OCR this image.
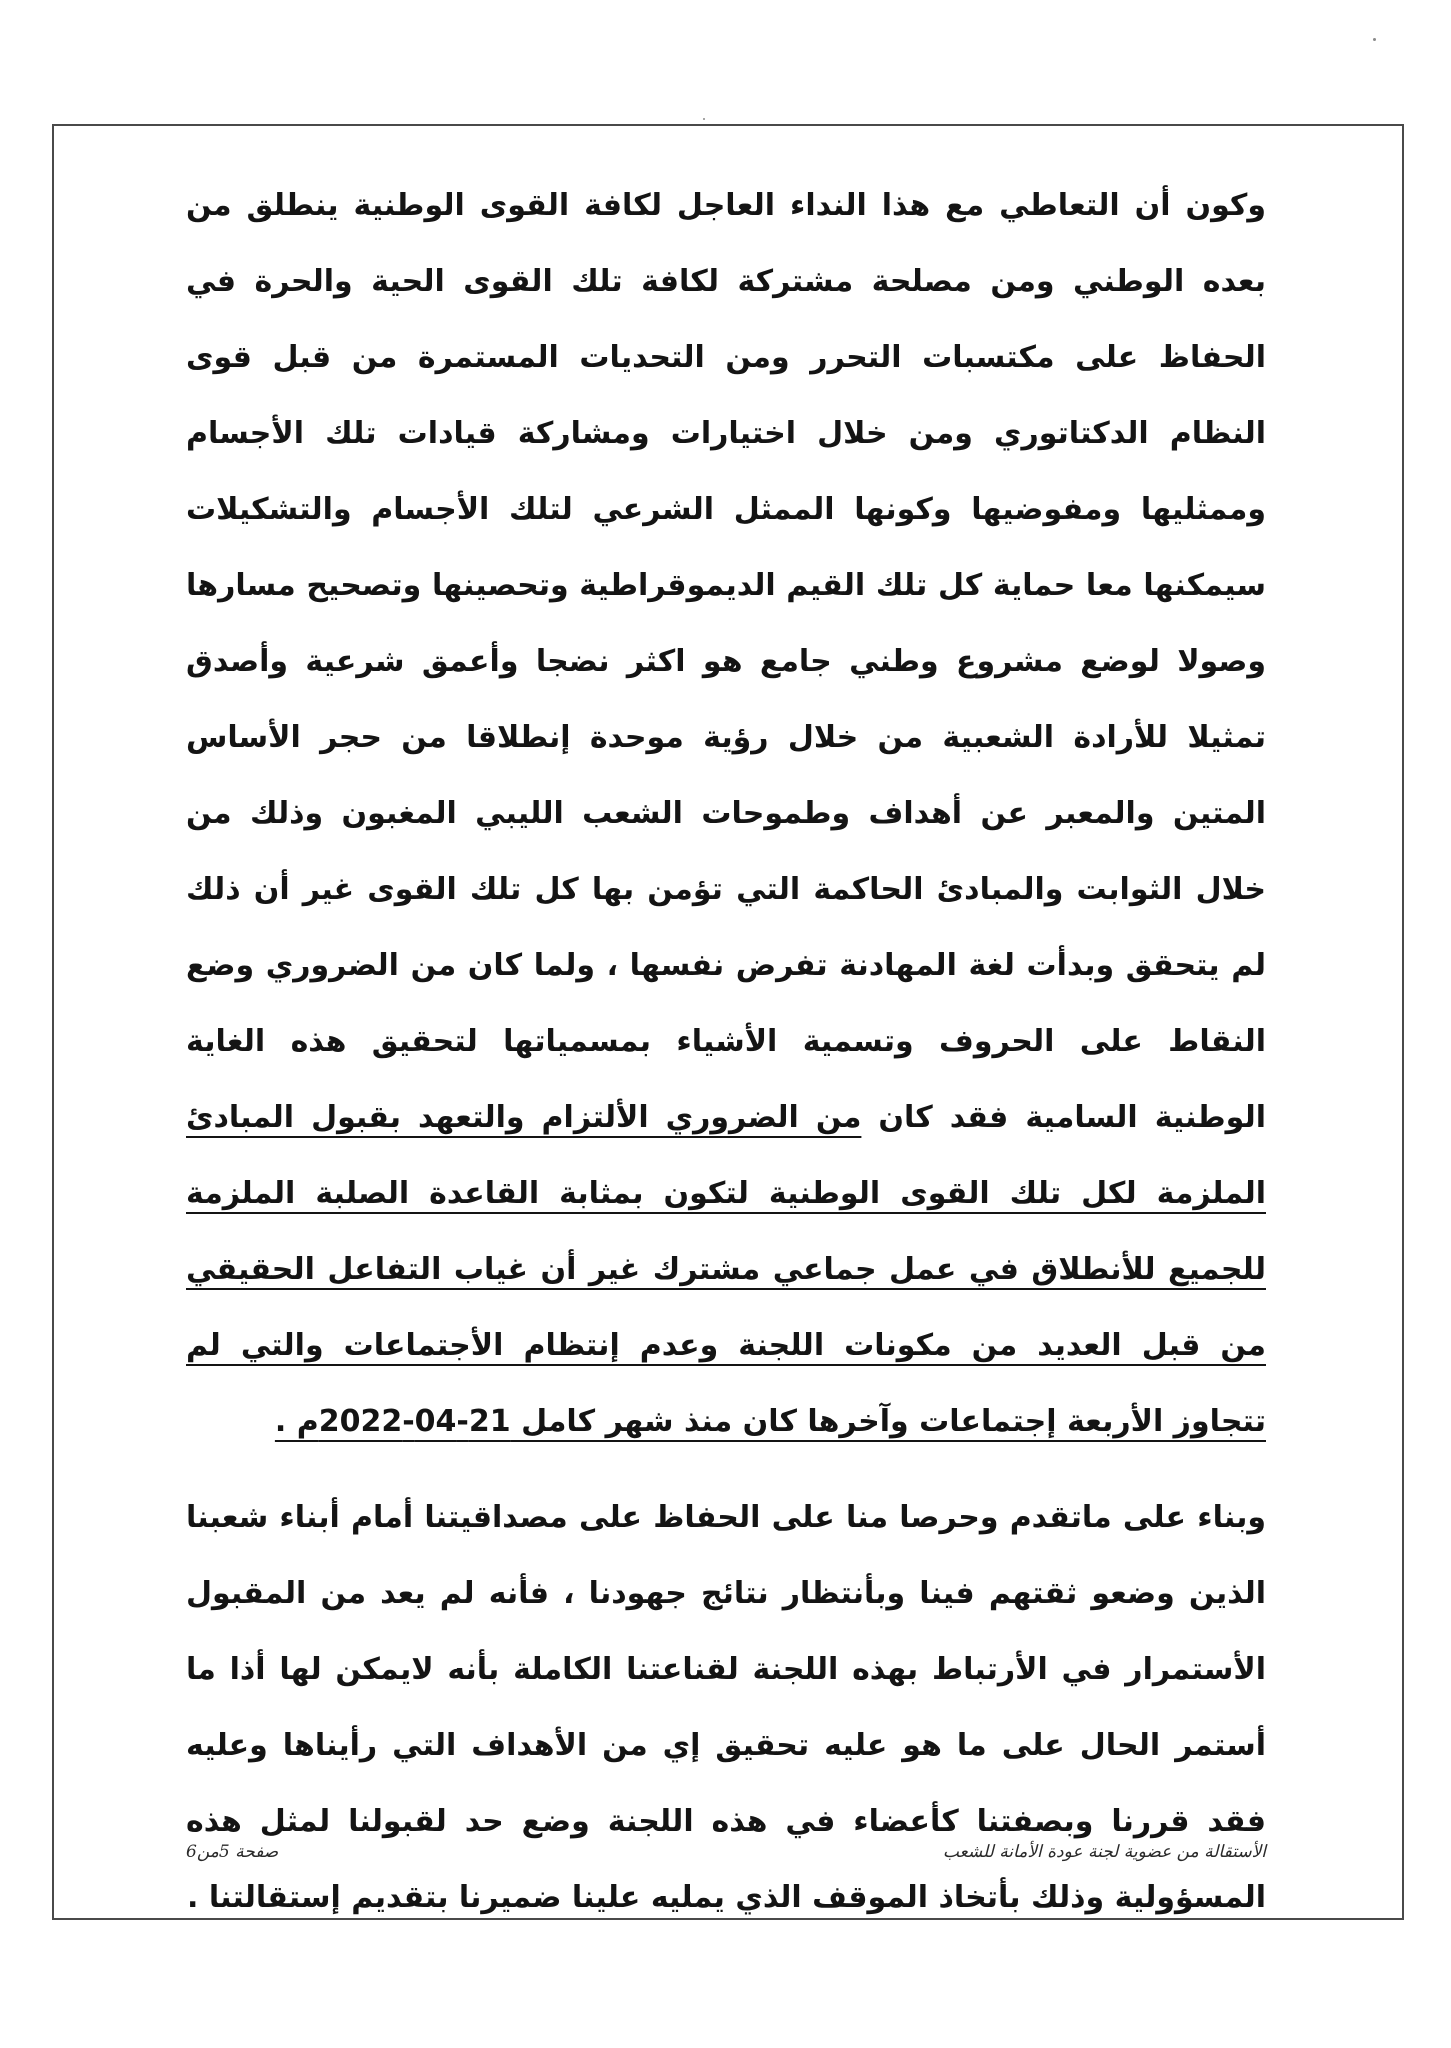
وكون أن التعاطي مع هذا النداء العاجل لكافة القوى الوطنية ينطلق من بعده الوطني ومن مصلحة مشتركة لكافة تلك القوى الحية والحرة في الحفاظ على مكتسبات التحرر ومن التحديات المستمرة من قبل قوى النظام الدكتاتوري ومن خلال اختيارات ومشاركة قيادات تلك الأجسام وممثليها ومفوضيها وكونها الممثل الشرعي لتلك الأجسام والتشكيلات سيمكنها معا حماية كل تلك القيم الديموقراطية وتحصينها وتصحيح مسارها وصولا لوضع مشروع وطني جامع هو اكثر نضجا وأعمق شرعية وأصدق تمثيلا للأرادة الشعبية من خلال رؤية موحدة إنطلاقا من حجر الأساس المتين والمعبر عن أهداف وطموحات الشعب الليبي المغبون وذلك من خلال الثوابت والمبادئ الحاكمة التي تؤمن بها كل تلك القوى غير أن ذلك لم يتحقق وبدأت لغة المهادنة تفرض نفسها ، ولما كان من الضروري وضع النقاط على الحروف وتسمية الأشياء بمسمياتها لتحقيق هذه الغاية الوطنية السامية فقد كان من الضروري الألتزام والتعهد بقبول المبادئ الملزمة لكل تلك القوى الوطنية لتكون بمثابة القاعدة الصلبة الملزمة للجميع للأنطلاق في عمل جماعي مشترك غير أن غياب التفاعل الحقيقي من قبل العديد من مكونات اللجنة وعدم إنتظام الأجتماعات والتي لم تتجاوز الأربعة إجتماعات وآخرها كان منذ شهر كامل 21-04-2022م .

وبناء على ماتقدم وحرصا منا على الحفاظ على مصداقيتنا أمام أبناء شعبنا الذين وضعو ثقتهم فينا وبأنتظار نتائج جهودنا ، فأنه لم يعد من المقبول الأستمرار في الأرتباط بهذه اللجنة لقناعتنا الكاملة بأنه لايمكن لها أذا ما أستمر الحال على ما هو عليه تحقيق إي من الأهداف التي رأيناها وعليه فقد قررنا وبصفتنا كأعضاء في هذه اللجنة وضع حد لقبولنا لمثل هذه المسؤولية وذلك بأتخاذ الموقف الذي يمليه علينا ضميرنا بتقديم إستقالتنا .

الأستقالة من عضوية لجنة عودة الأمانة للشعب
صفحة 5من6
